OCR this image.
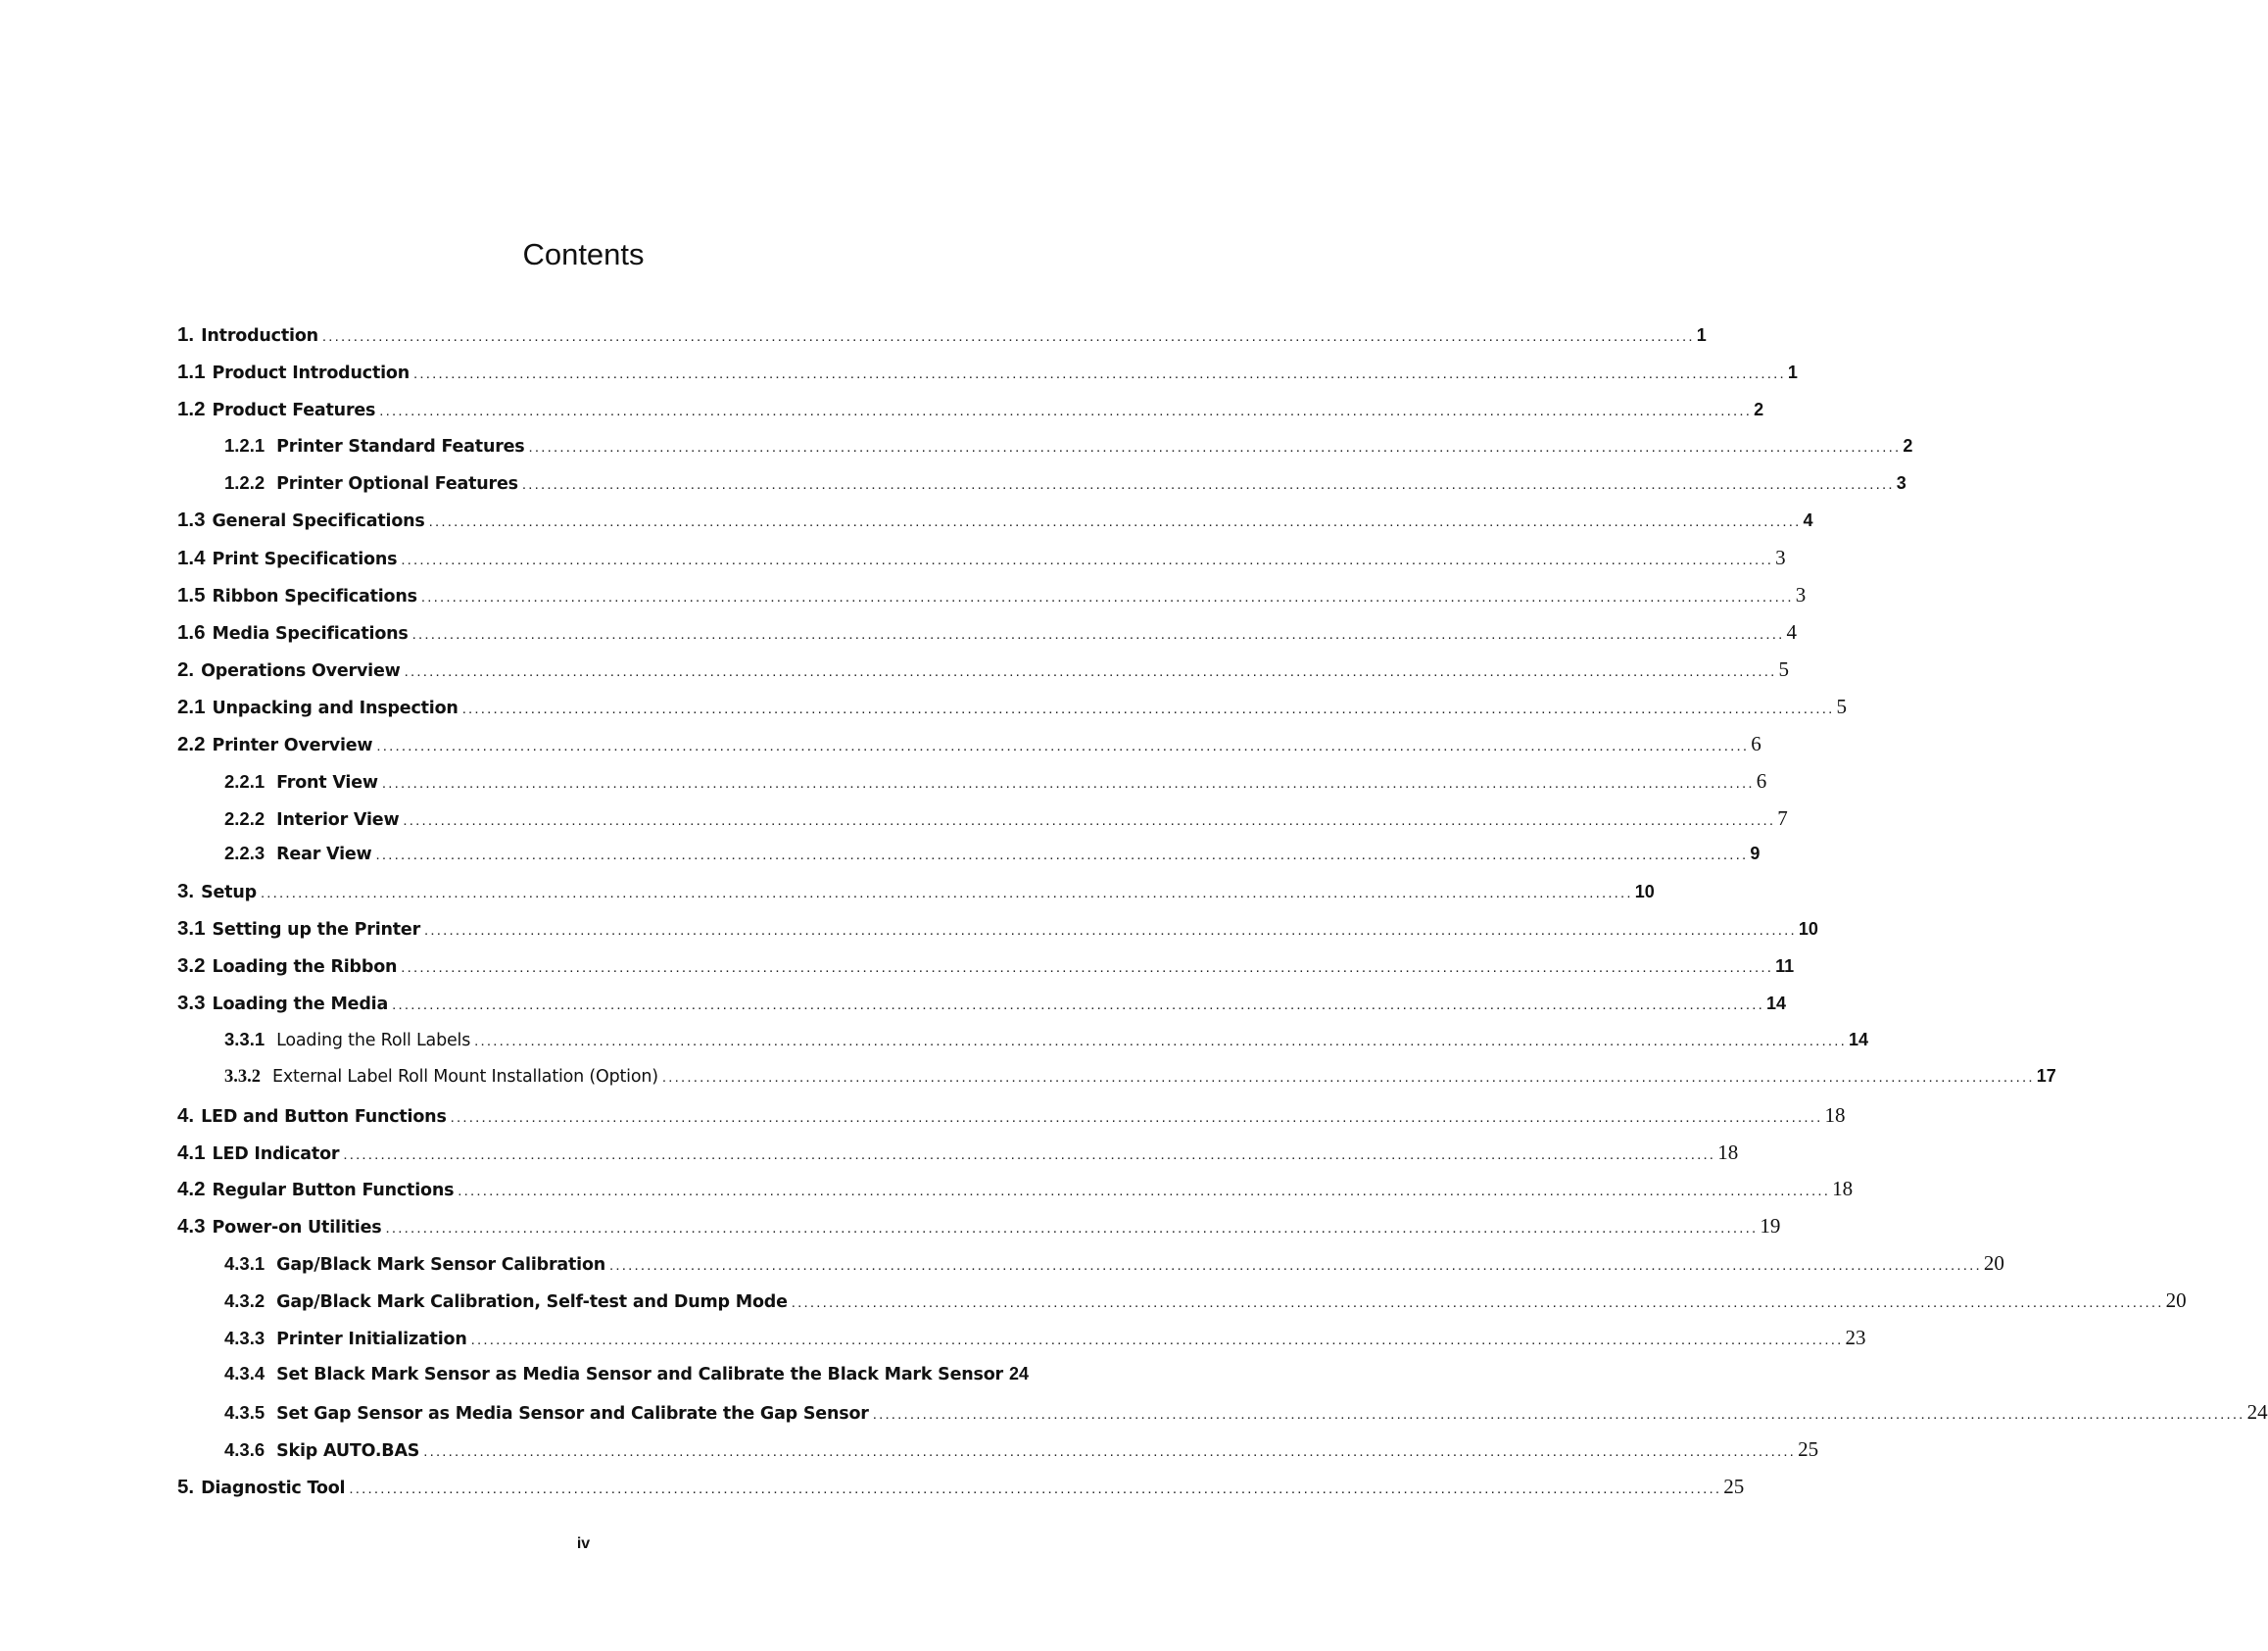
Contents
1. Introduction ............................................................................................................................................................................................................................ 1
1.1 Product Introduction ............................................................................................................................................................................................................................ 1
1.2 Product Features ............................................................................................................................................................................................................................ 2
1.2.1 Printer Standard Features ............................................................................................................................................................................................................................ 2
1.2.2 Printer Optional Features ............................................................................................................................................................................................................................ 3
1.3 General Specifications ............................................................................................................................................................................................................................ 4
1.4 Print Specifications ............................................................................................................................................................................................................................ 3
1.5 Ribbon Specifications ............................................................................................................................................................................................................................ 3
1.6 Media Specifications ............................................................................................................................................................................................................................ 4
2. Operations Overview ............................................................................................................................................................................................................................ 5
2.1 Unpacking and Inspection ............................................................................................................................................................................................................................ 5
2.2 Printer Overview ............................................................................................................................................................................................................................ 6
2.2.1 Front View ............................................................................................................................................................................................................................ 6
2.2.2 Interior View ............................................................................................................................................................................................................................ 7
2.2.3 Rear View ............................................................................................................................................................................................................................ 9
3. Setup ............................................................................................................................................................................................................................ 10
3.1 Setting up the Printer ............................................................................................................................................................................................................................ 10
3.2 Loading the Ribbon ............................................................................................................................................................................................................................ 11
3.3 Loading the Media ............................................................................................................................................................................................................................ 14
3.3.1 Loading the Roll Labels ............................................................................................................................................................................................................................ 14
3.3.2 External Label Roll Mount Installation (Option) ............................................................................................................................................................................................................................ 17
4. LED and Button Functions ............................................................................................................................................................................................................................ 18
4.1 LED Indicator ............................................................................................................................................................................................................................ 18
4.2 Regular Button Functions ............................................................................................................................................................................................................................ 18
4.3 Power-on Utilities ............................................................................................................................................................................................................................ 19
4.3.1 Gap/Black Mark Sensor Calibration ............................................................................................................................................................................................................................ 20
4.3.2 Gap/Black Mark Calibration, Self-test and Dump Mode ............................................................................................................................................................................................................................ 20
4.3.3 Printer Initialization ............................................................................................................................................................................................................................ 23
4.3.4 Set Black Mark Sensor as Media Sensor and Calibrate the Black Mark Sensor 24
4.3.5 Set Gap Sensor as Media Sensor and Calibrate the Gap Sensor ............................................................................................................................................................................................................................ 24
4.3.6 Skip AUTO.BAS ............................................................................................................................................................................................................................ 25
5. Diagnostic Tool ............................................................................................................................................................................................................................ 25
iv
